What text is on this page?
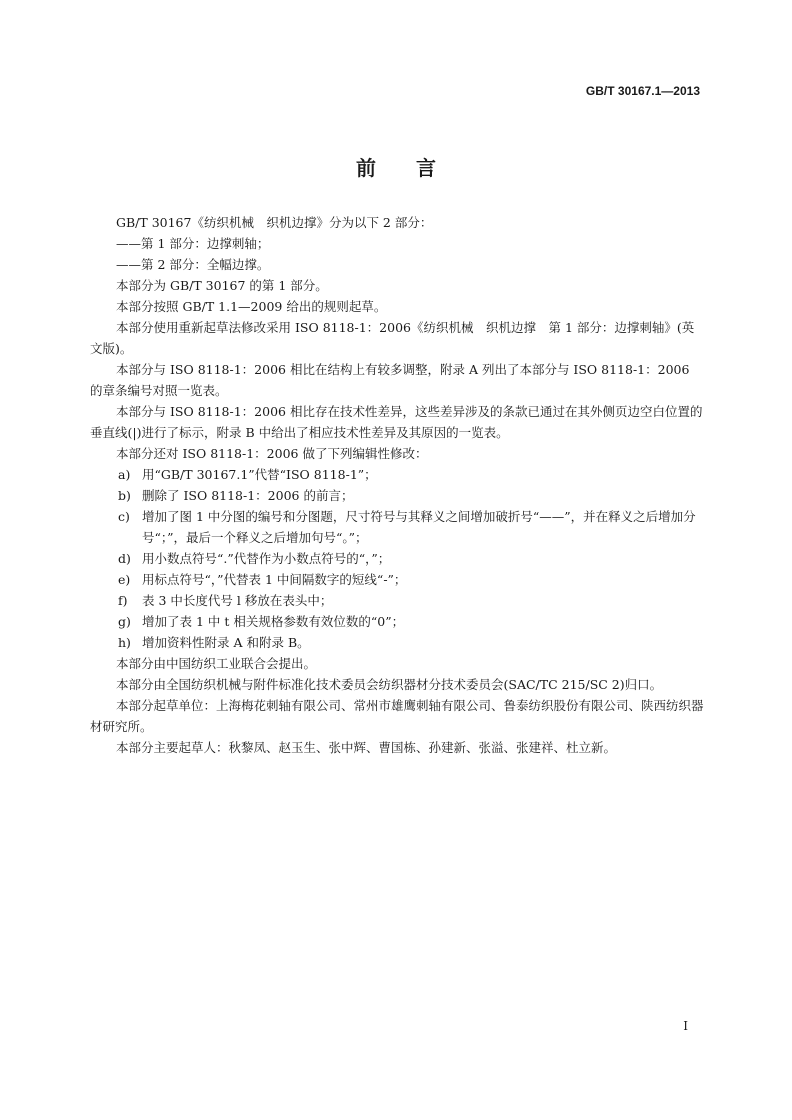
GB/T 30167.1—2013
前言

GB/T 30167《纺织机械　织机边撑》分为以下 2 部分：

——第 1 部分：边撑刺轴；

——第 2 部分：全幅边撑。

本部分为 GB/T 30167 的第 1 部分。

本部分按照 GB/T 1.1—2009 给出的规则起草。

本部分使用重新起草法修改采用 ISO 8118-1：2006《纺织机械　织机边撑　第 1 部分：边撑刺轴》(英文版)。

本部分与 ISO 8118-1：2006 相比在结构上有较多调整，附录 A 列出了本部分与 ISO 8118-1：2006 的章条编号对照一览表。

本部分与 ISO 8118-1：2006 相比存在技术性差异，这些差异涉及的条款已通过在其外侧页边空白位置的垂直线(|)进行了标示，附录 B 中给出了相应技术性差异及其原因的一览表。

本部分还对 ISO 8118-1：2006 做了下列编辑性修改：

a) 用“GB/T 30167.1”代替“ISO 8118-1”；
b) 删除了 ISO 8118-1：2006 的前言；
c) 增加了图 1 中分图的编号和分图题，尺寸符号与其释义之间增加破折号“——”，并在释义之后增加分号“；”，最后一个释义之后增加句号“。”；
d) 用小数点符号“.”代替作为小数点符号的“，”；
e) 用标点符号“，”代替表 1 中间隔数字的短线“-”；
f)	表 3 中长度代号 l 移放在表头中；
g) 增加了表 1 中 t 相关规格参数有效位数的“0”；
h) 增加资料性附录 A 和附录 B。

本部分由中国纺织工业联合会提出。

本部分由全国纺织机械与附件标准化技术委员会纺织器材分技术委员会(SAC/TC 215/SC 2)归口。

本部分起草单位：上海梅花刺轴有限公司、常州市雄鹰刺轴有限公司、鲁泰纺织股份有限公司、陕西纺织器材研究所。

本部分主要起草人：秋黎凤、赵玉生、张中辉、曹国栋、孙建新、张溢、张建祥、杜立新。

I
